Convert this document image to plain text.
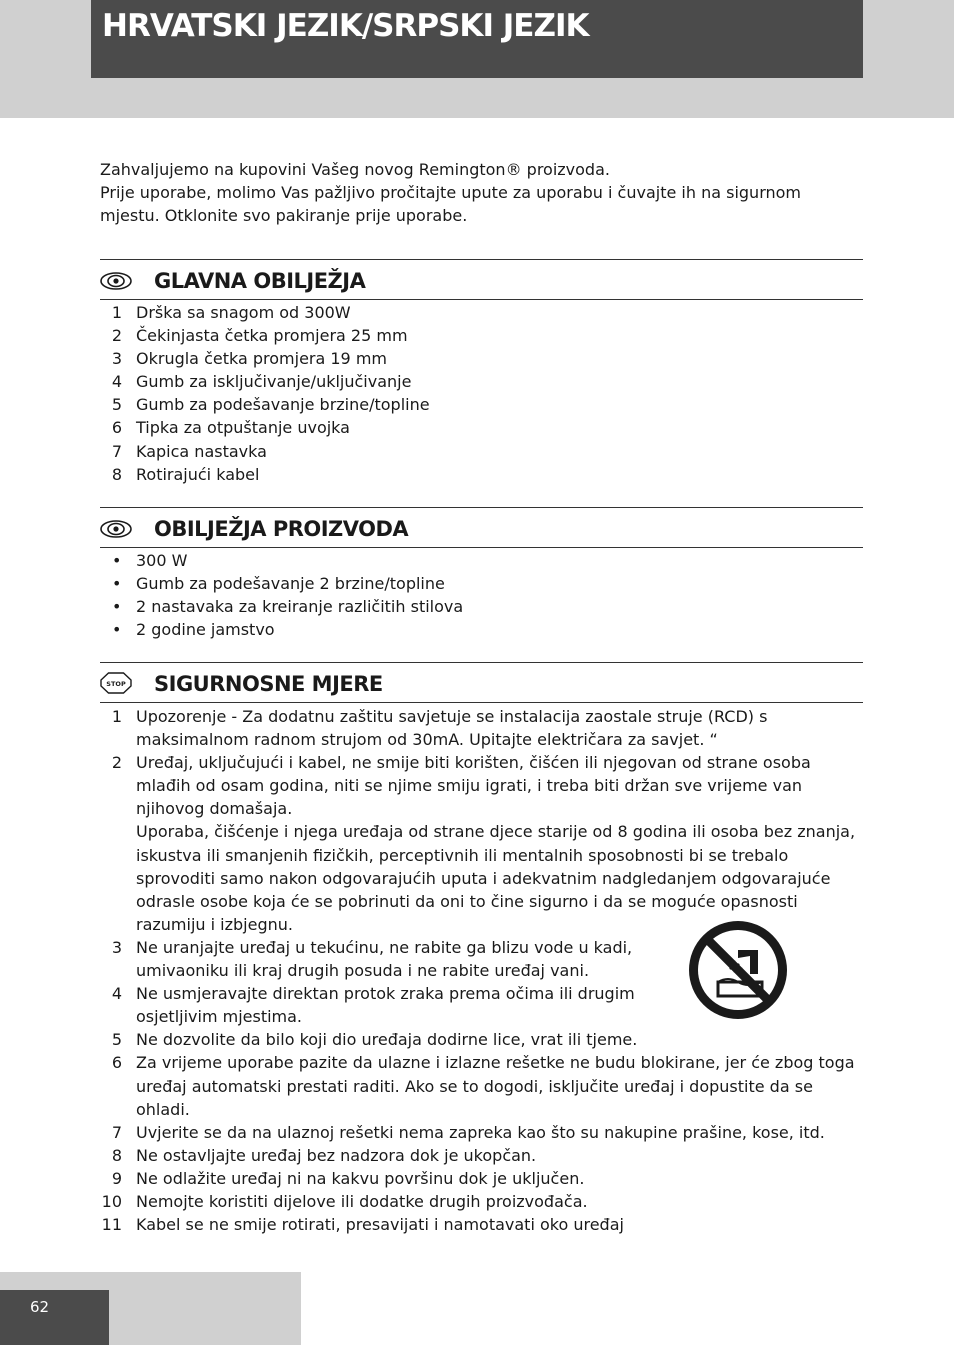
HRVATSKI JEZIK/SRPSKI JEZIK

Zahvaljujemo na kupovini Vašeg novog Remington® proizvoda.

Prije uporabe, molimo Vas pažljivo pročitajte upute za uporabu i čuvajte ih na sigurnom mjestu. Otklonite svo pakiranje prije uporabe.

GLAVNA OBILJEŽJA
1 Drška sa snagom od 300W
2 Čekinjasta četka promjera 25 mm
3 Okrugla četka promjera 19 mm
4 Gumb za isključivanje/uključivanje
5 Gumb za podešavanje brzine/topline
6 Tipka za otpuštanje uvojka
7 Kapica nastavka
8 Rotirajući kabel
OBILJEŽJA PROIZVODA
• 300 W
• Gumb za podešavanje 2 brzine/topline
• 2 nastavaka za kreiranje različitih stilova
• 2 godine jamstvo
STOP SIGURNOSNE MJERE
1 Upozorenje - Za dodatnu zaštitu savjetuje se instalacija zaostale struje (RCD) s maksimalnom radnom strujom od 30mA. Upitajte električara za savjet. “
2 Uređaj, uključujući i kabel, ne smije biti korišten, čišćen ili njegovan od strane osoba mlađih od osam godina, niti se njime smiju igrati, i treba biti držan sve vrijeme van njihovog domašaja.

Uporaba, čišćenje i njega uređaja od strane djece starije od 8 godina ili osoba bez znanja, iskustva ili smanjenih fizičkih, perceptivnih ili mentalnih sposobnosti bi se trebalo sprovoditi samo nakon odgovarajućih uputa i adekvatnim nadgledanjem odgovarajuće odrasle osobe koja će se pobrinuti da oni to čine sigurno i da se moguće opasnosti razumiju i izbjegnu.

3 Ne uranjajte uređaj u tekućinu, ne rabite ga blizu vode u kadi, umivaoniku ili kraj drugih posuda i ne rabite uređaj vani.
4 Ne usmjeravajte direktan protok zraka prema očima ili drugim osjetljivim mjestima.
5 Ne dozvolite da bilo koji dio uređaja dodirne lice, vrat ili tjeme.
6 Za vrijeme uporabe pazite da ulazne i izlazne rešetke ne budu blokirane, jer će zbog toga uređaj automatski prestati raditi. Ako se to dogodi, isključite uređaj i dopustite da se ohladi.
7 Uvjerite se da na ulaznoj rešetki nema zapreka kao što su nakupine prašine, kose, itd.
8 Ne ostavljajte uređaj bez nadzora dok je ukopčan.
9 Ne odlažite uređaj ni na kakvu površinu dok je uključen.
10 Nemojte koristiti dijelove ili dodatke drugih proizvođača.
11 Kabel se ne smije rotirati, presavijati i namotavati oko uređaj
62
